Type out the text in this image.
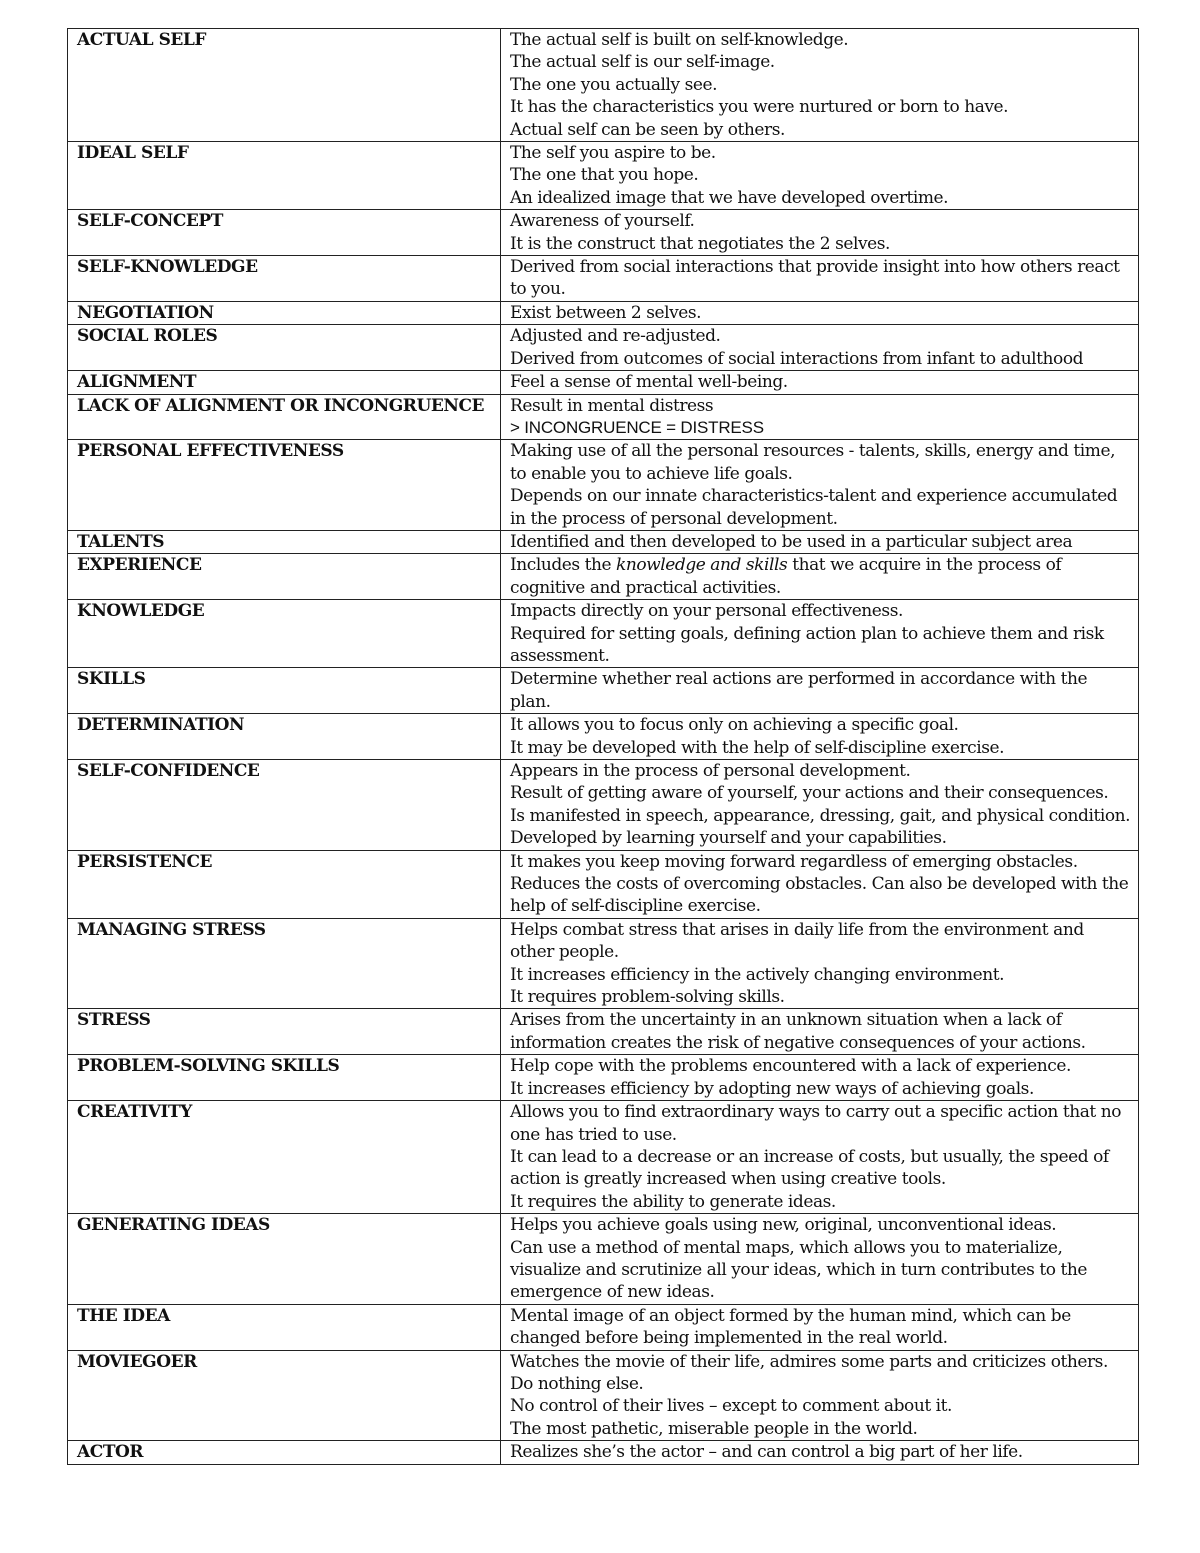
ACTUAL SELF	The actual self is built on self-knowledge.
The actual self is our self-image.
The one you actually see.
It has the characteristics you were nurtured or born to have.
Actual self can be seen by others.

IDEAL SELF	The self you aspire to be.
The one that you hope.
An idealized image that we have developed overtime.

SELF-CONCEPT	Awareness of yourself.
It is the construct that negotiates the 2 selves.

SELF-KNOWLEDGE	Derived from social interactions that provide insight into how others react to you.

NEGOTIATION	Exist between 2 selves.

SOCIAL ROLES	Adjusted and re-adjusted.
Derived from outcomes of social interactions from infant to adulthood

ALIGNMENT	Feel a sense of mental well-being.

LACK OF ALIGNMENT OR INCONGRUENCE	Result in mental distress
> INCONGRUENCE = DISTRESS

PERSONAL EFFECTIVENESS	Making use of all the personal resources - talents, skills, energy and time, to enable you to achieve life goals.
Depends on our innate characteristics-talent and experience accumulated in the process of personal development.

TALENTS	Identified and then developed to be used in a particular subject area

EXPERIENCE	Includes the knowledge and skills that we acquire in the process of cognitive and practical activities.

KNOWLEDGE	Impacts directly on your personal effectiveness.
Required for setting goals, defining action plan to achieve them and risk assessment.

SKILLS	Determine whether real actions are performed in accordance with the plan.

DETERMINATION	It allows you to focus only on achieving a specific goal.
It may be developed with the help of self-discipline exercise.

SELF-CONFIDENCE	Appears in the process of personal development.
Result of getting aware of yourself, your actions and their consequences.
Is manifested in speech, appearance, dressing, gait, and physical condition.
Developed by learning yourself and your capabilities.

PERSISTENCE	It makes you keep moving forward regardless of emerging obstacles.
Reduces the costs of overcoming obstacles. Can also be developed with the help of self-discipline exercise.

MANAGING STRESS	Helps combat stress that arises in daily life from the environment and other people.
It increases efficiency in the actively changing environment.
It requires problem-solving skills.

STRESS	Arises from the uncertainty in an unknown situation when a lack of information creates the risk of negative consequences of your actions.

PROBLEM-SOLVING SKILLS	Help cope with the problems encountered with a lack of experience.
It increases efficiency by adopting new ways of achieving goals.

CREATIVITY	Allows you to find extraordinary ways to carry out a specific action that no one has tried to use.
It can lead to a decrease or an increase of costs, but usually, the speed of action is greatly increased when using creative tools.
It requires the ability to generate ideas.

GENERATING IDEAS	Helps you achieve goals using new, original, unconventional ideas.
Can use a method of mental maps, which allows you to materialize, visualize and scrutinize all your ideas, which in turn contributes to the emergence of new ideas.

THE IDEA	Mental image of an object formed by the human mind, which can be changed before being implemented in the real world.

MOVIEGOER	Watches the movie of their life, admires some parts and criticizes others.
Do nothing else.
No control of their lives – except to comment about it.
The most pathetic, miserable people in the world.

ACTOR	Realizes she’s the actor – and can control a big part of her life.
